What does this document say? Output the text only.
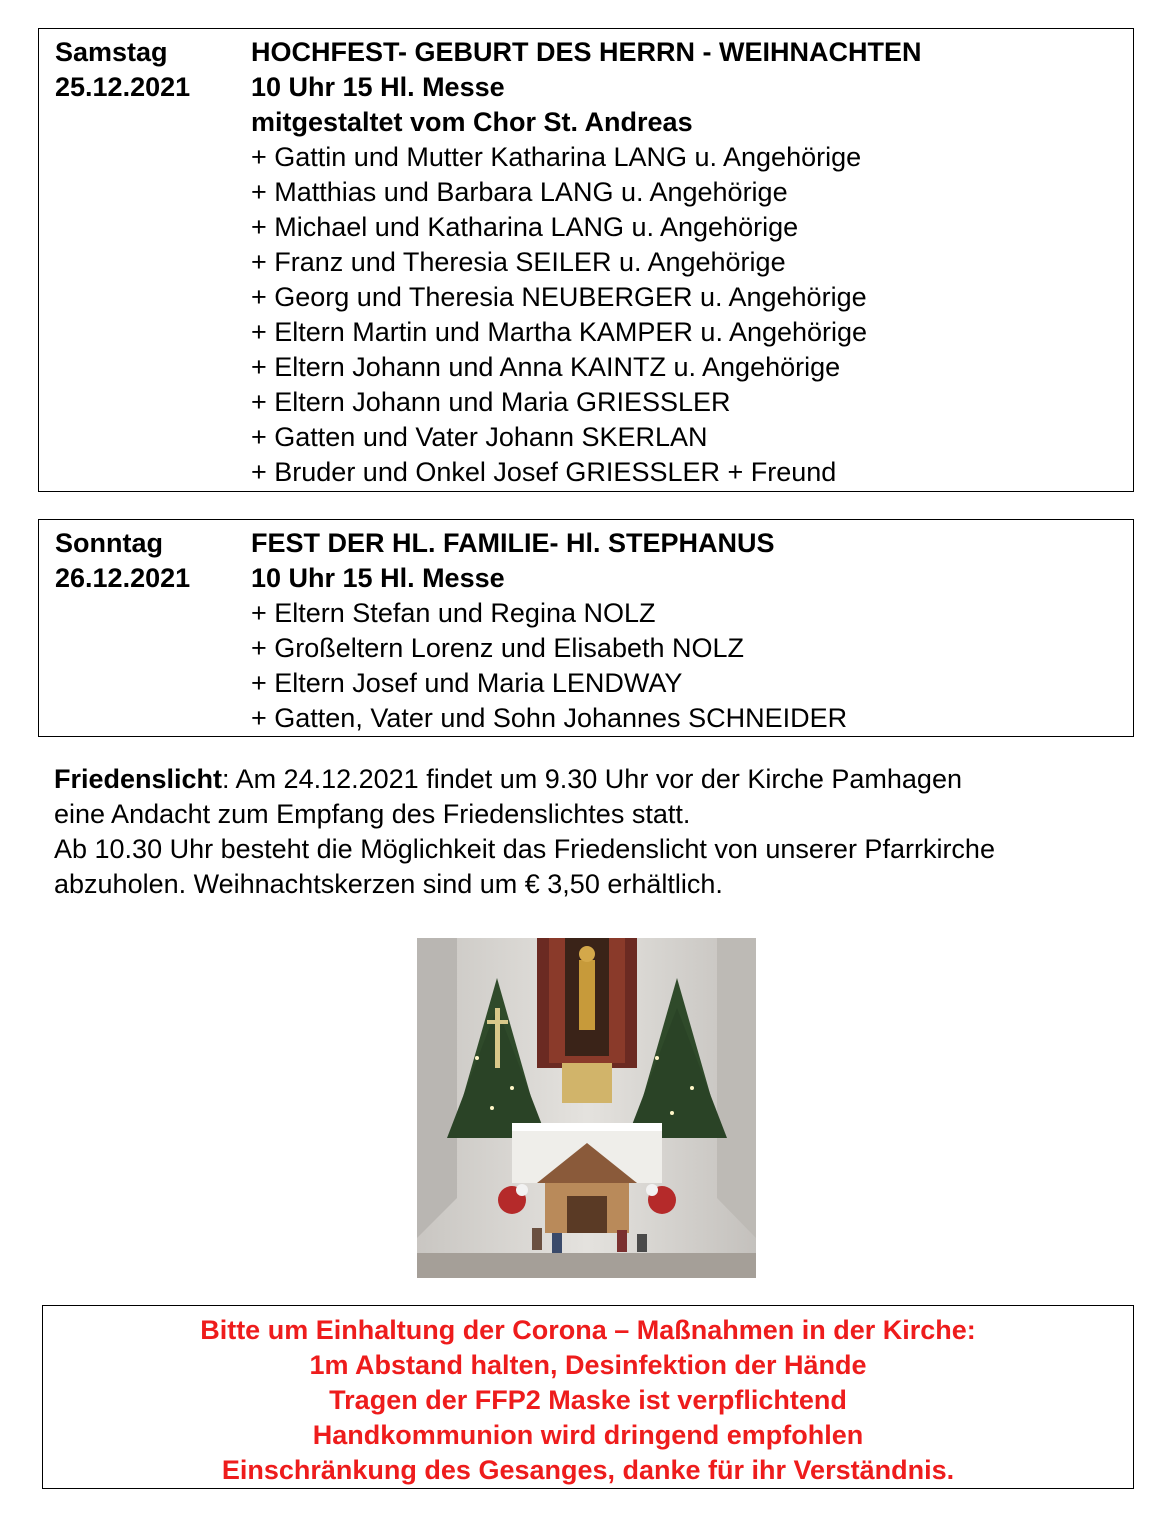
Samstag
25.12.2021
HOCHFEST- GEBURT DES HERRN - WEIHNACHTEN
10 Uhr 15 Hl. Messe
mitgestaltet vom Chor St. Andreas
+ Gattin und Mutter Katharina LANG u. Angehörige
+ Matthias und Barbara LANG u. Angehörige
+ Michael und Katharina LANG u. Angehörige
+ Franz und Theresia SEILER u. Angehörige
+ Georg und Theresia NEUBERGER u. Angehörige
+ Eltern Martin und Martha KAMPER u. Angehörige
+ Eltern Johann und Anna KAINTZ u. Angehörige
+ Eltern Johann und Maria GRIESSLER
+ Gatten und Vater Johann SKERLAN
+ Bruder und Onkel Josef GRIESSLER + Freund
Sonntag
26.12.2021
FEST DER HL. FAMILIE- Hl. STEPHANUS
10 Uhr 15 Hl. Messe
+ Eltern Stefan und Regina NOLZ
+ Großeltern Lorenz und Elisabeth NOLZ
+ Eltern Josef und Maria LENDWAY
+ Gatten, Vater und Sohn Johannes SCHNEIDER
Friedenslicht: Am 24.12.2021 findet um 9.30 Uhr vor der Kirche Pamhagen
eine Andacht zum Empfang des Friedenslichtes statt.
Ab 10.30 Uhr besteht die Möglichkeit das Friedenslicht von unserer Pfarrkirche
abzuholen. Weihnachtskerzen sind um € 3,50 erhältlich.
Bitte um Einhaltung der Corona – Maßnahmen in der Kirche:
1m Abstand halten, Desinfektion der Hände
Tragen der FFP2 Maske ist verpflichtend
Handkommunion wird dringend empfohlen
Einschränkung des Gesanges, danke für ihr Verständnis.
